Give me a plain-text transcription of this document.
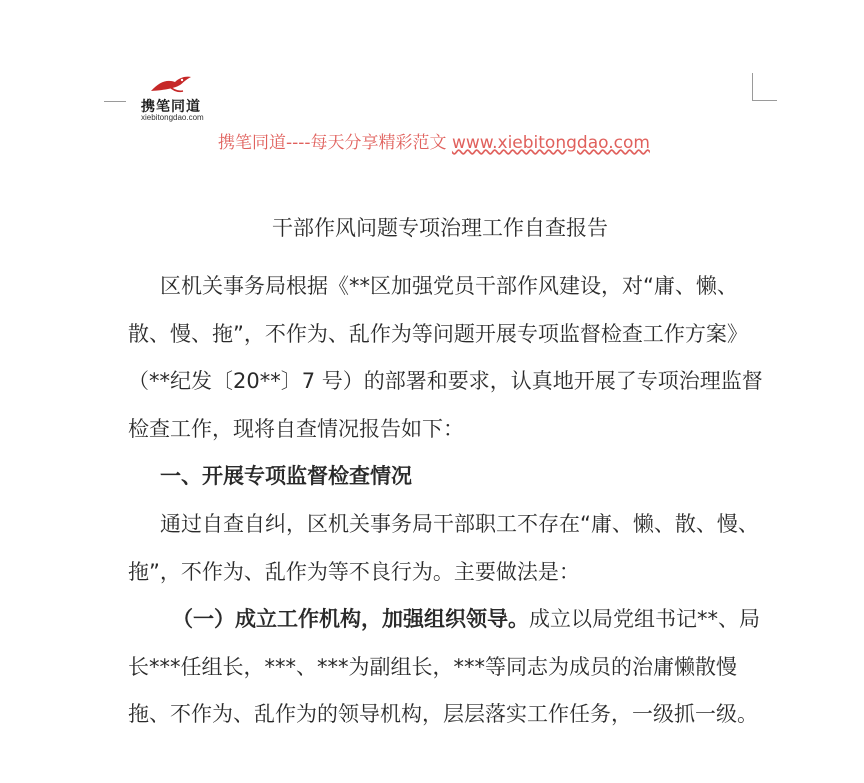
携笔同道
xiebitongdao.com
携笔同道----每天分享精彩范文 www.xiebitongdao.com
干部作风问题专项治理工作自查报告
区机关事务局根据《**区加强党员干部作风建设，对“庸、懒、散、慢、拖”，不作为、乱作为等问题开展专项监督检查工作方案》（**纪发〔20**〕7 号）的部署和要求，认真地开展了专项治理监督检查工作，现将自查情况报告如下：
一、开展专项监督检查情况
通过自查自纠，区机关事务局干部职工不存在“庸、懒、散、慢、拖”，不作为、乱作为等不良行为。主要做法是：
（一）成立工作机构，加强组织领导。成立以局党组书记**、局长***任组长，***、***为副组长，***等同志为成员的治庸懒散慢拖、不作为、乱作为的领导机构，层层落实工作任务，一级抓一级。
